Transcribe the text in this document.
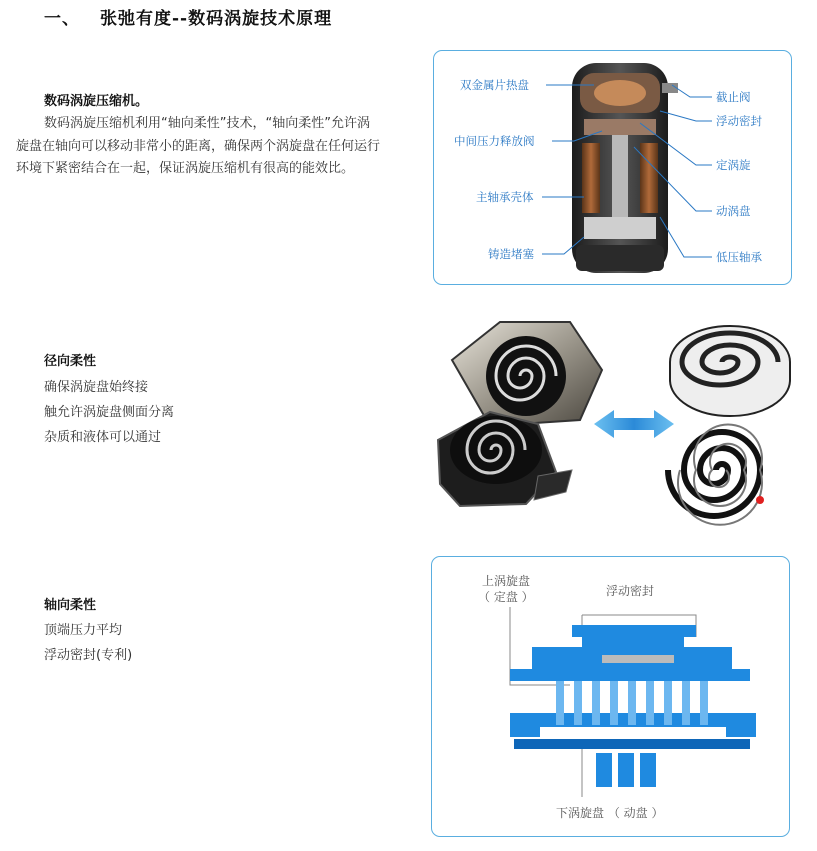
一、 张弛有度--数码涡旋技术原理
数码涡旋压缩机。
数码涡旋压缩机利用“轴向柔性”技术，“轴向柔性”允许涡旋盘在轴向可以移动非常小的距离，确保两个涡旋盘在任何运行环境下紧密结合在一起，保证涡旋压缩机有很高的能效比。
径向柔性
确保涡旋盘始终接
触允许涡旋盘侧面分离
杂质和液体可以通过
轴向柔性
顶端压力平均
浮动密封(专利)
双金属片热盘
中间压力释放阀
主轴承壳体
铸造堵塞
截止阀
浮动密封
定涡旋
动涡盘
低压轴承
上涡旋盘
（ 定盘 ）	浮动密封
下涡旋盘 （ 动盘 ）
